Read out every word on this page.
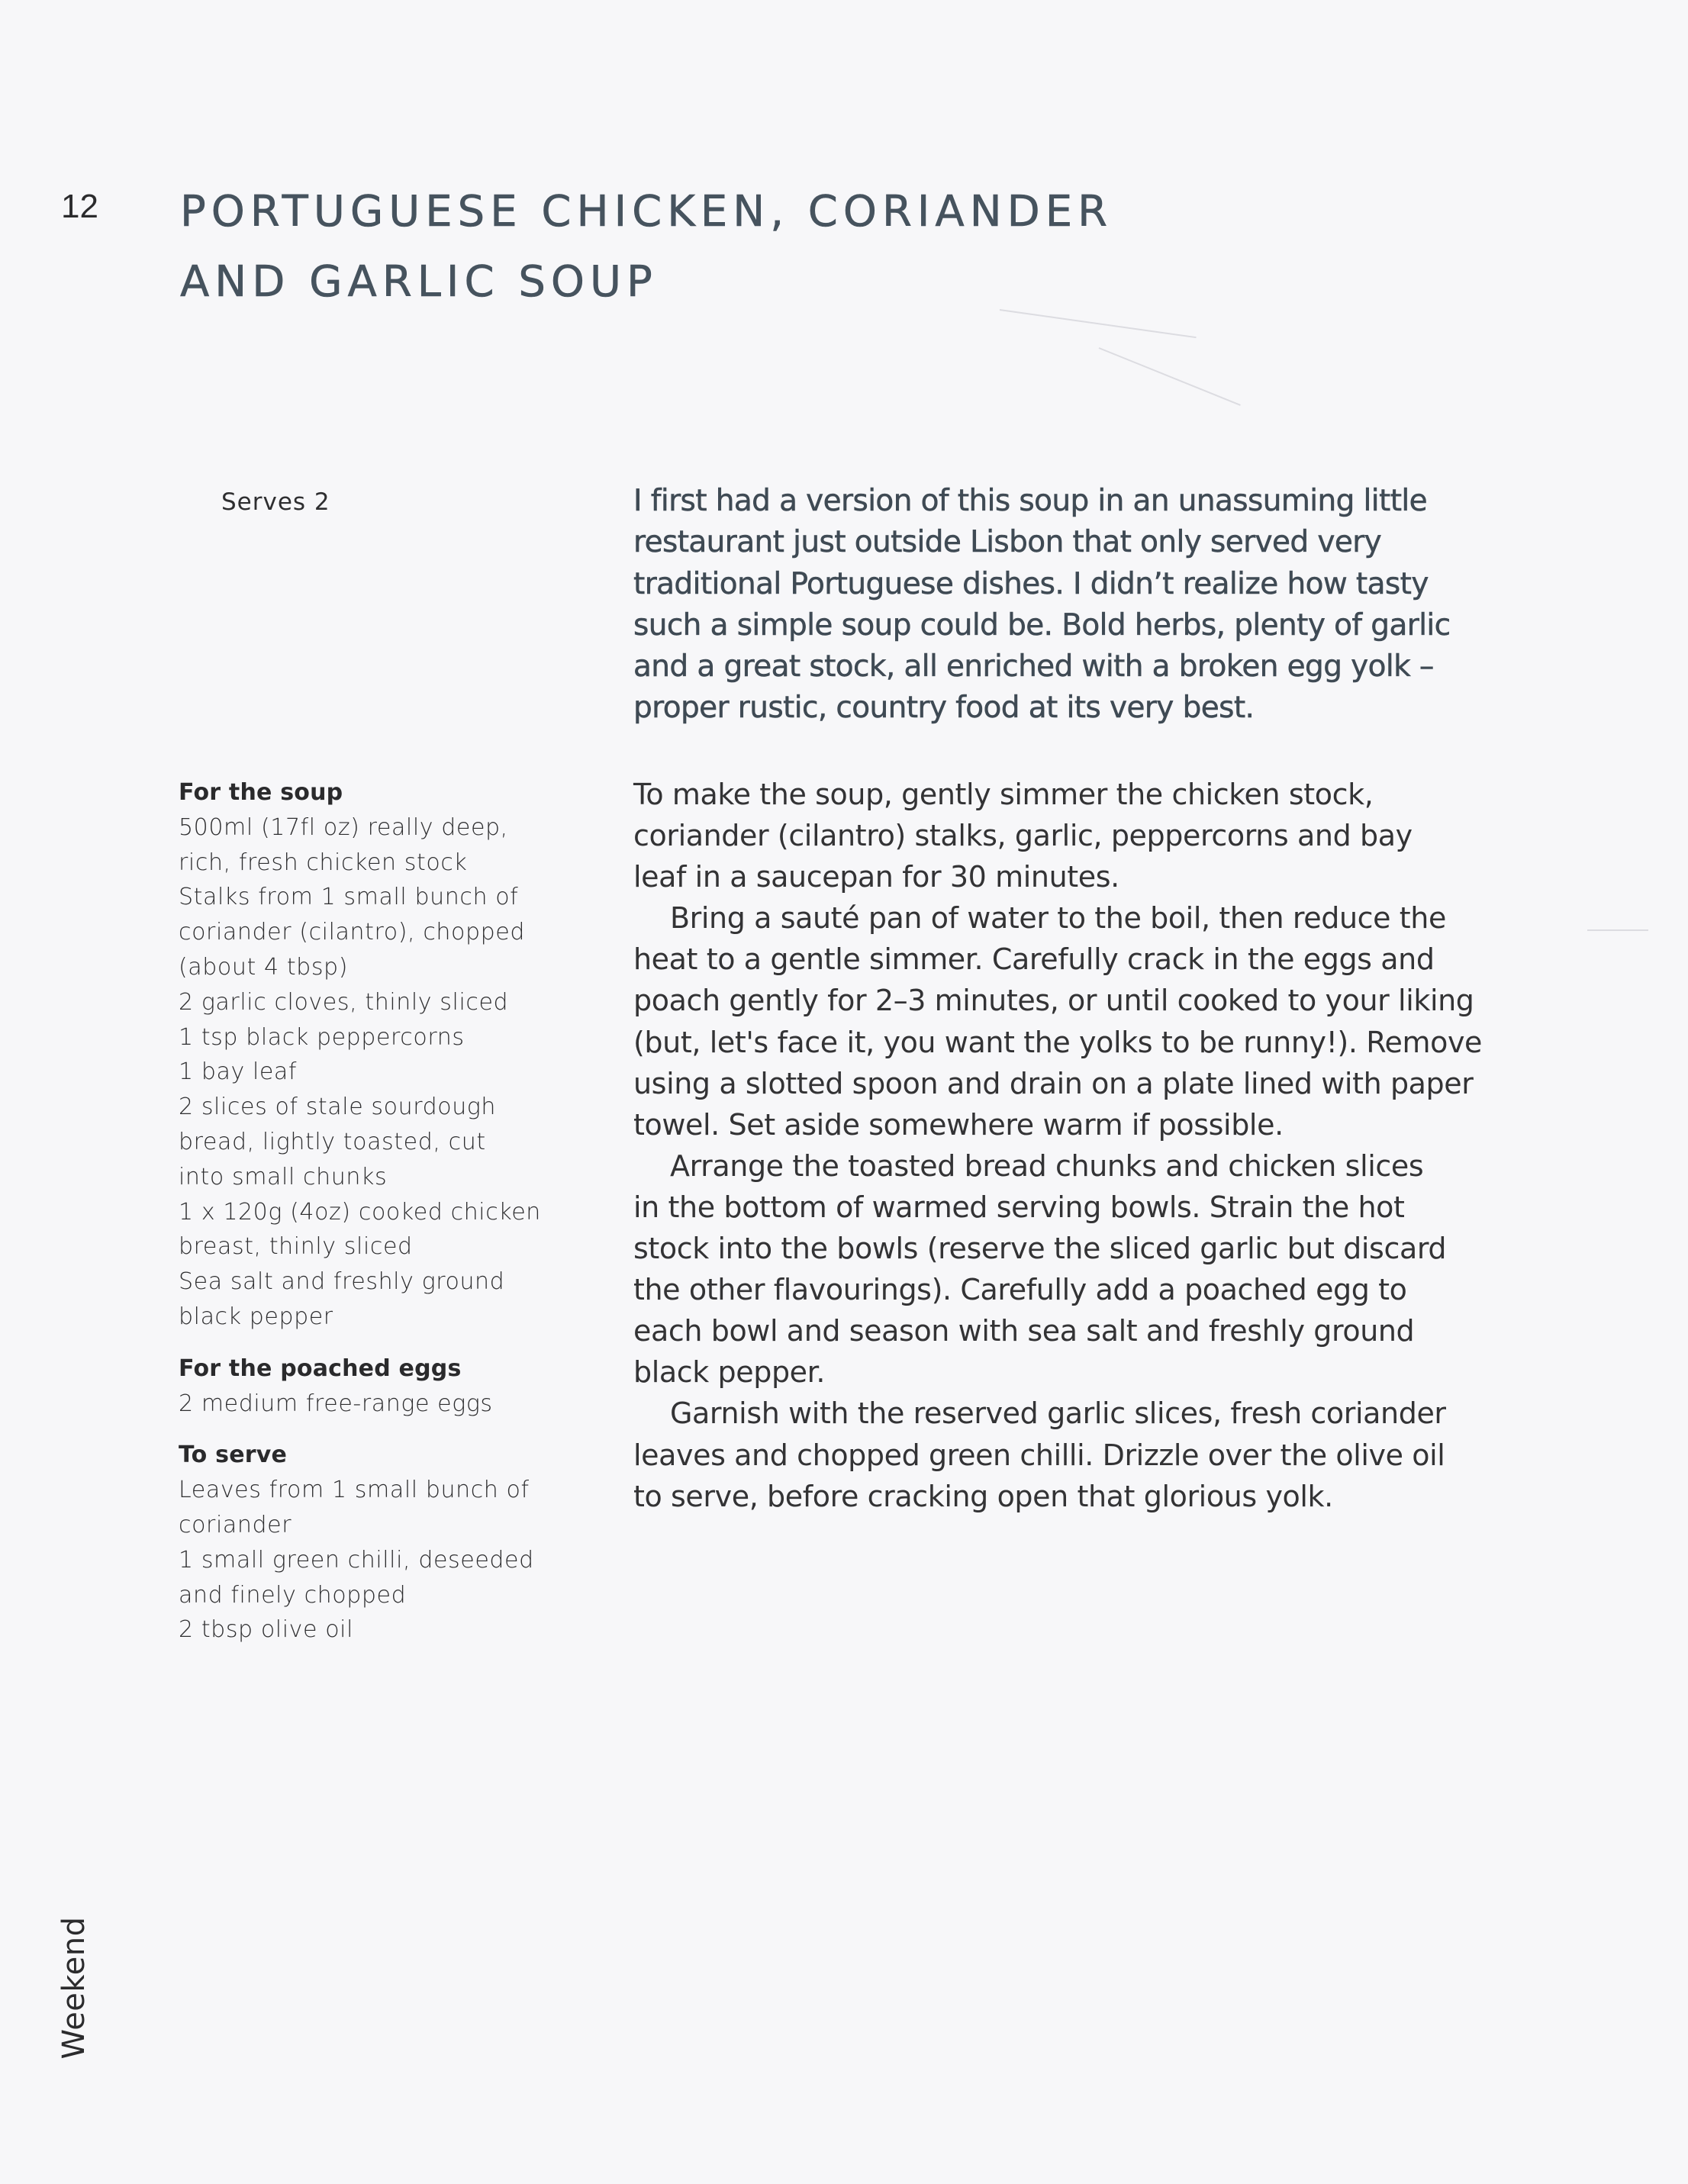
12 PORTUGUESE CHICKEN, CORIANDER
AND GARLIC SOUP
Serves 2	I first had a version of this soup in an unassuming little
restaurant just outside Lisbon that only served very
traditional Portuguese dishes. I didn’t realize how tasty
such a simple soup could be. Bold herbs, plenty of garlic
and a great stock, all enriched with a broken egg yolk –
proper rustic, country food at its very best.

For the soup
500ml (17fl oz) really deep,
rich, fresh chicken stock
Stalks from 1 small bunch of
coriander (cilantro), chopped
(about 4 tbsp)
2 garlic cloves, thinly sliced
1 tsp black peppercorns
1 bay leaf
2 slices of stale sourdough
bread, lightly toasted, cut
into small chunks
1 x 120g (4oz) cooked chicken
breast, thinly sliced
Sea salt and freshly ground
black pepper
For the poached eggs
2 medium free-range eggs
To serve
Leaves from 1 small bunch of
coriander
1 small green chilli, deseeded
and finely chopped
2 tbsp olive oil

To make the soup, gently simmer the chicken stock,
coriander (cilantro) stalks, garlic, peppercorns and bay
leaf in a saucepan for 30 minutes.

Bring a sauté pan of water to the boil, then reduce the
heat to a gentle simmer. Carefully crack in the eggs and
poach gently for 2–3 minutes, or until cooked to your liking
(but, let's face it, you want the yolks to be runny!). Remove
using a slotted spoon and drain on a plate lined with paper
towel. Set aside somewhere warm if possible.

Arrange the toasted bread chunks and chicken slices
in the bottom of warmed serving bowls. Strain the hot
stock into the bowls (reserve the sliced garlic but discard
the other flavourings). Carefully add a poached egg to
each bowl and season with sea salt and freshly ground
black pepper.

Garnish with the reserved garlic slices, fresh coriander
leaves and chopped green chilli. Drizzle over the olive oil
to serve, before cracking open that glorious yolk.

Weekend
